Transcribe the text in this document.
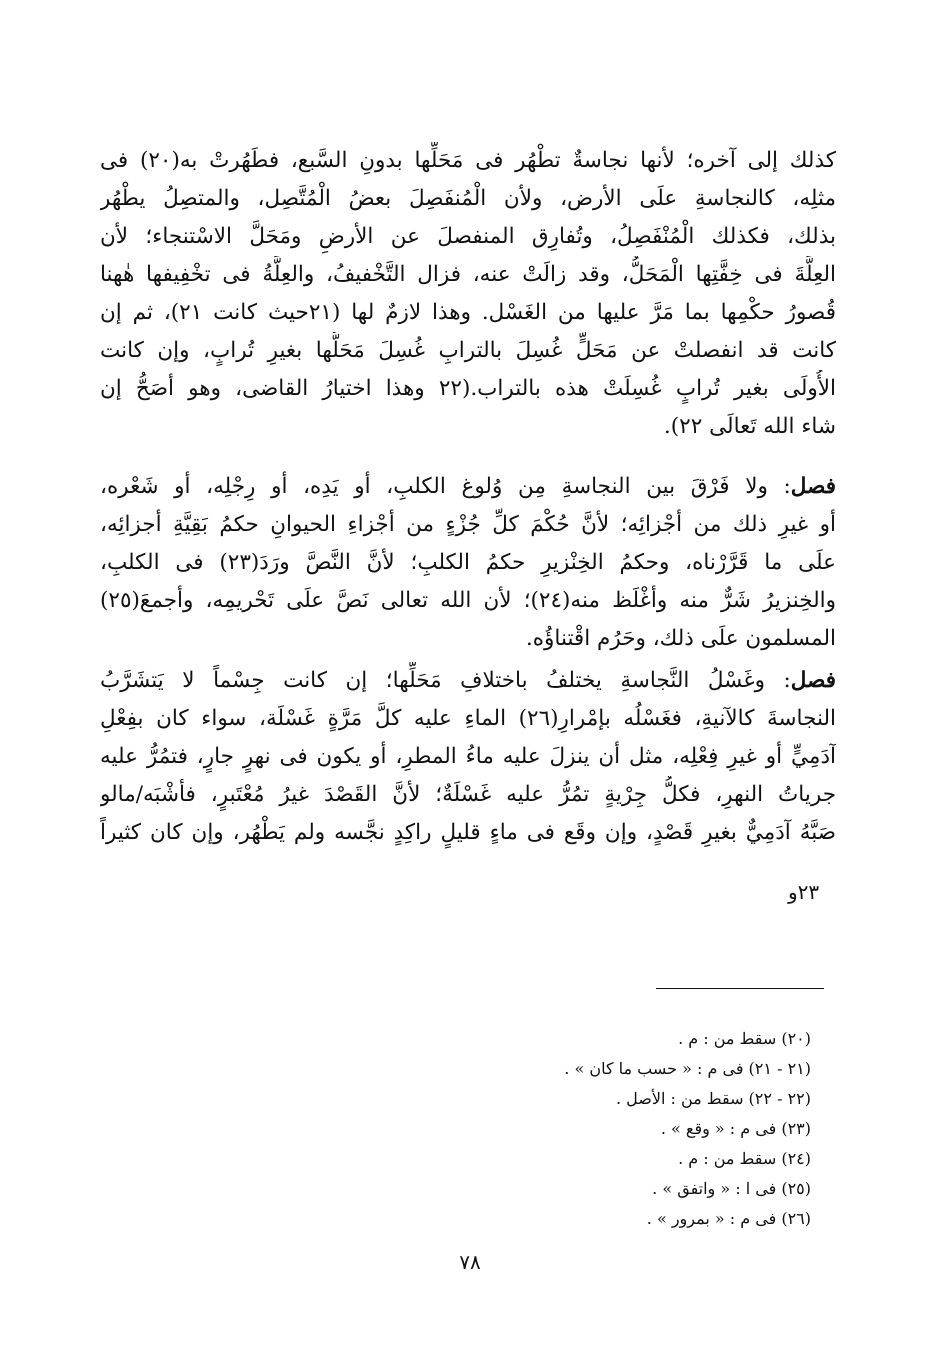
كذلك إلى آخره؛ لأنها نجاسةٌ تطْهُر فى مَحَلِّها بدونِ السَّبع، فطَهُرتْ به(٢٠) فى
مثلِه، كالنجاسةِ علَى الأرض، ولأن الْمُنفَصِلَ بعضُ الْمُتَّصِل، والمتصِلُ يطْهُر
بذلك، فكذلك الْمُنْفَصِلُ، وتُفارِق المنفصلَ عن الأرضِ ومَحَلَّ الاسْتنجاء؛ لأن
العِلَّةَ فى خِفَّتِها الْمَحَلُّ، وقد زالَتْ عنه، فزال التَّخْفيفُ، والعِلَّةُ فى تخْفِيفها هٰهنا
قُصورُ حكْمِها بما مَرَّ عليها من الغَسْل. وهذا لازمٌ لها (٢١حيث كانت ٢١)، ثم إن
كانت قد انفصلتْ عن مَحَلٍّ غُسِلَ بالترابِ غُسِلَ مَحَلُّها بغيرِ تُرابٍ، وإن كانت
الأُولَى بغير تُرابٍ غُسِلَتْ هذه بالتراب.(٢٢ وهذا اختيارُ القاضى، وهو أصَحُّ إن
شاء الله تَعالَى ٢٢).
فصل: ولا فَرْقَ بين النجاسةِ مِن وُلوغ الكلبِ، أو يَدِه، أو رِجْلِه، أو شَعْره،
أو غيرِ ذلك من أجْزائِه؛ لأنَّ حُكْمَ كلِّ جُزْءٍ من أجْزاءِ الحيوانِ حكمُ بَقِيَّةِ أجزائِه،
علَى ما قَرَّرْناه، وحكمُ الخِنْزيرِ حكمُ الكلبِ؛ لأنَّ النَّصَّ ورَدَ(٢٣) فى الكلبِ،
والخِنزيرُ شَرٌّ منه وأغْلَظ منه(٢٤)؛ لأن الله تعالى نَصَّ علَى تَحْريمِه، وأجمعَ(٢٥)
المسلمون علَى ذلك، وحَرُم اقْتناؤُه.
فصل: وغَسْلُ النَّجاسةِ يختلفُ باختلافِ مَحَلِّها؛ إن كانت جِسْماً لا يَتشَرَّبُ
النجاسةَ كالآنيةِ، فغَسْلُه بإمْرارِ(٢٦) الماءِ عليه كلَّ مَرَّةٍ غَسْلَة، سواء كان بفِعْلِ
آدَمِيٍّ أو غيرِ فِعْلِه، مثل أن ينزلَ عليه ماءُ المطرِ، أو يكون فى نهرٍ جارٍ، فتمُرُّ عليه
جرياتُ النهرِ، فكلُّ جِرْيةٍ تمُرُّ عليه غَسْلَةٌ؛ لأنَّ القَصْدَ غيرُ مُعْتَبرٍ، فأشْبَه/مالو
صَبَّهُ آدَمِيٌّ بغيرِ قَصْدٍ، وإن وقَع فى ماءٍ قليلٍ راكِدٍ نجَّسه ولم يَطْهُر، وإن كان كثيراً
٢٣و
(٢٠) سقط من : م .
(٢١ - ٢١) فى م : « حسب ما كان » .
(٢٢ - ٢٢) سقط من : الأصل .
(٢٣) فى م : « وقع » .
(٢٤) سقط من : م .
(٢٥) فى ا : « واتفق » .
(٢٦) فى م : « بمرور » .
٧٨
